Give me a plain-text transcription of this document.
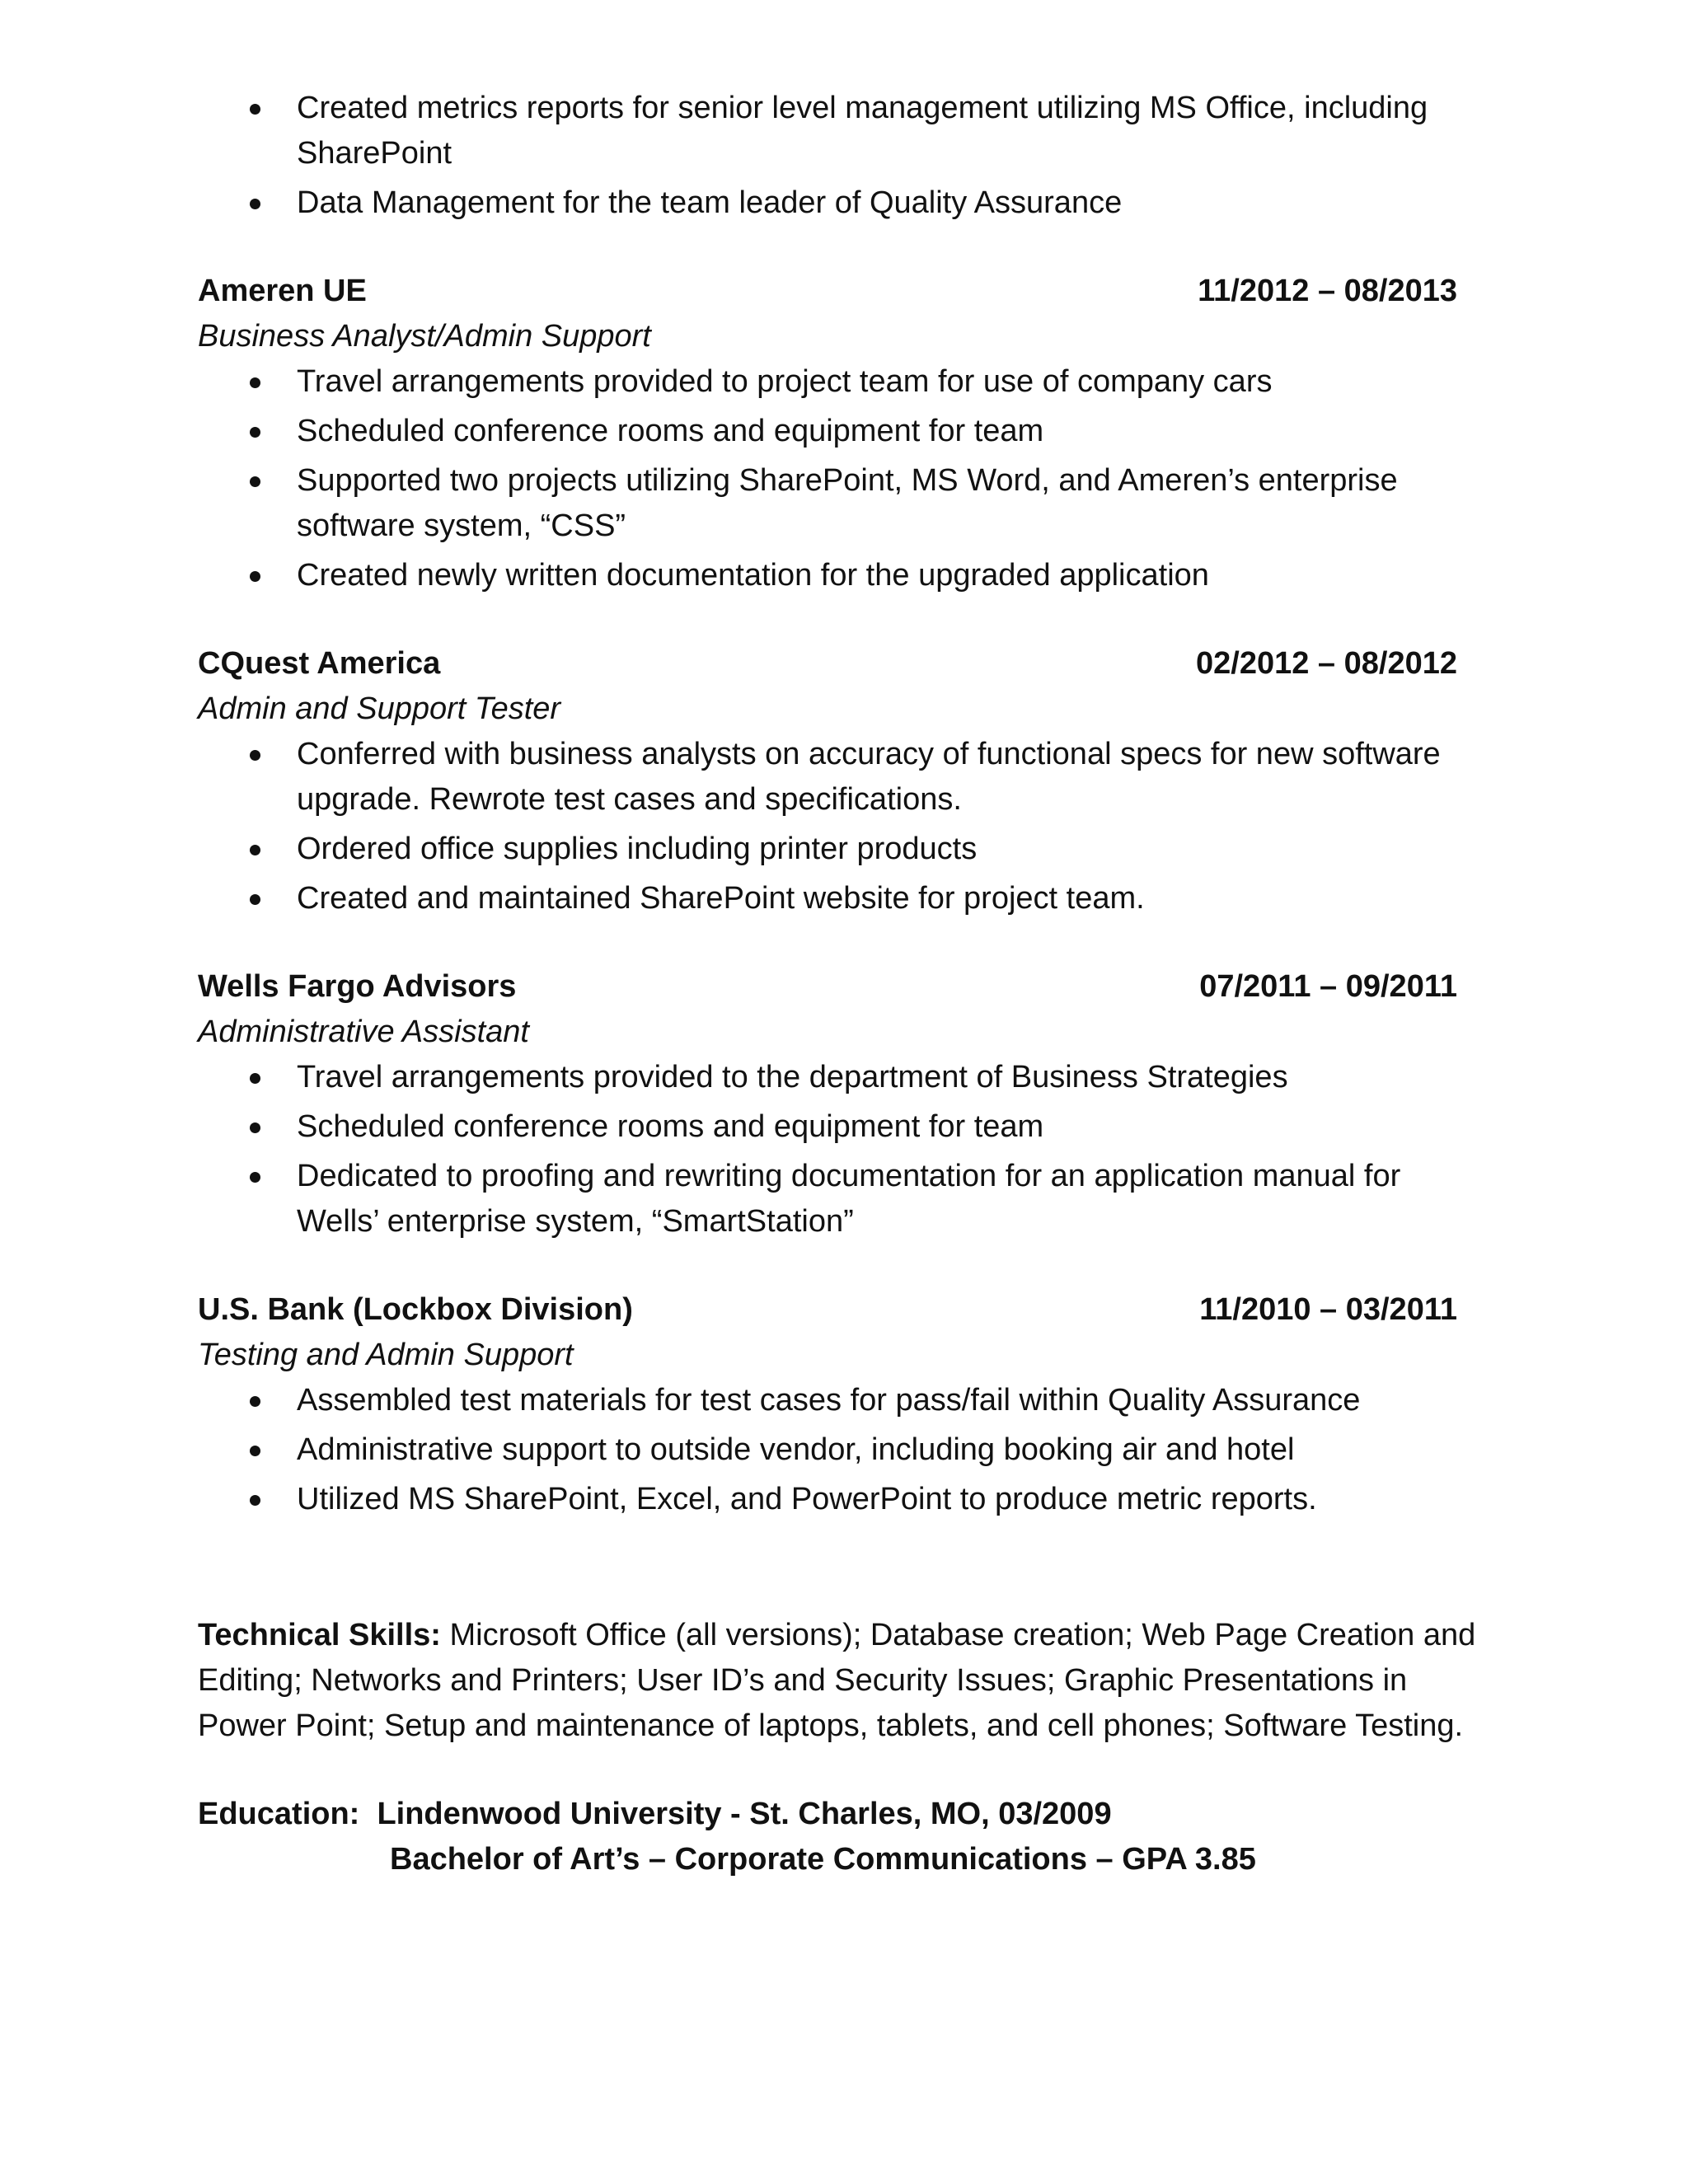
Created metrics reports for senior level management utilizing MS Office, including SharePoint
Data Management for the team leader of Quality Assurance
Ameren UE	11/2012 – 08/2013
Business Analyst/Admin Support
Travel arrangements provided to project team for use of company cars
Scheduled conference rooms and equipment for team
Supported two projects utilizing SharePoint, MS Word, and Ameren’s enterprise software system, “CSS”
Created newly written documentation for the upgraded application
CQuest America	02/2012 – 08/2012
Admin and Support Tester
Conferred with business analysts on accuracy of functional specs for new software upgrade. Rewrote test cases and specifications.
Ordered office supplies including printer products
Created and maintained SharePoint website for project team.
Wells Fargo Advisors	07/2011 – 09/2011
Administrative Assistant
Travel arrangements provided to the department of Business Strategies
Scheduled conference rooms and equipment for team
Dedicated to proofing and rewriting documentation for an application manual for Wells’ enterprise system, “SmartStation”
U.S. Bank (Lockbox Division)	11/2010 – 03/2011
Testing and Admin Support
Assembled test materials for test cases for pass/fail within Quality Assurance
Administrative support to outside vendor, including booking air and hotel
Utilized MS SharePoint, Excel, and PowerPoint to produce metric reports.
Technical Skills: Microsoft Office (all versions); Database creation; Web Page Creation and Editing; Networks and Printers; User ID’s and Security Issues; Graphic Presentations in Power Point; Setup and maintenance of laptops, tablets, and cell phones; Software Testing.
Education: Lindenwood University - St. Charles, MO, 03/2009
Bachelor of Art’s – Corporate Communications – GPA 3.85
